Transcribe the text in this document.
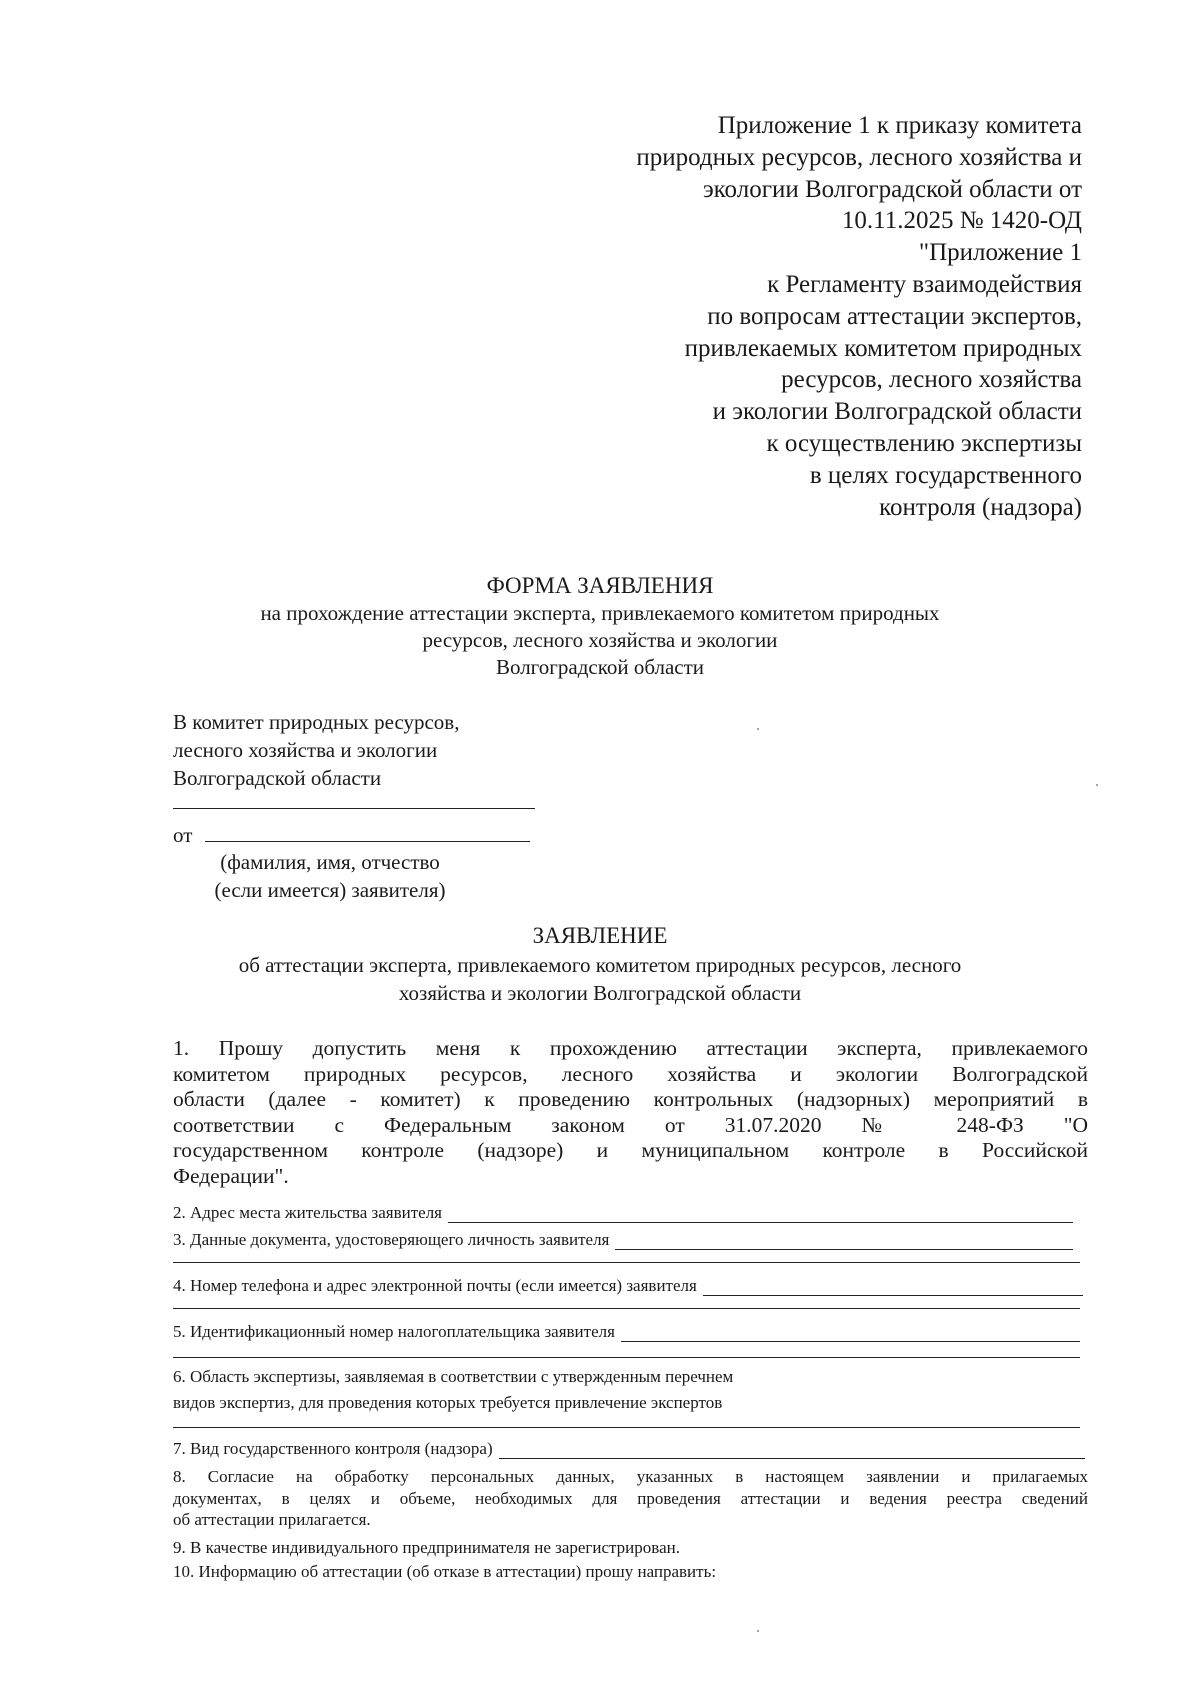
Приложение 1 к приказу комитета
природных ресурсов, лесного хозяйства и
экологии Волгоградской области от
10.11.2025 № 1420-ОД
"Приложение 1
к Регламенту взаимодействия
по вопросам аттестации экспертов,
привлекаемых комитетом природных
ресурсов, лесного хозяйства
и экологии Волгоградской области
к осуществлению экспертизы
в целях государственного
контроля (надзора)
ФОРМА ЗАЯВЛЕНИЯ
на прохождение аттестации эксперта, привлекаемого комитетом природных
ресурсов, лесного хозяйства и экологии
Волгоградской области
В комитет природных ресурсов,
лесного хозяйства и экологии
Волгоградской области
от
(фамилия, имя, отчество
(если имеется) заявителя)
ЗАЯВЛЕНИЕ
об аттестации эксперта, привлекаемого комитетом природных ресурсов, лесного
хозяйства и экологии Волгоградской области
1. Прошу допустить меня к прохождению аттестации эксперта, привлекаемого
комитетом природных ресурсов, лесного хозяйства и экологии Волгоградской
области (далее - комитет) к проведению контрольных (надзорных) мероприятий в
соответствии с Федеральным законом от 31.07.2020 № 248-ФЗ "О
государственном контроле (надзоре) и муниципальном контроле в Российской
Федерации".
2. Адрес места жительства заявителя
3. Данные документа, удостоверяющего личность заявителя
4. Номер телефона и адрес электронной почты (если имеется) заявителя
5. Идентификационный номер налогоплательщика заявителя
6. Область экспертизы, заявляемая в соответствии с утвержденным перечнем
видов экспертиз, для проведения которых требуется привлечение экспертов
7. Вид государственного контроля (надзора)
8. Согласие на обработку персональных данных, указанных в настоящем заявлении и прилагаемых
документах, в целях и объеме, необходимых для проведения аттестации и ведения реестра сведений
об аттестации прилагается.
9. В качестве индивидуального предпринимателя не зарегистрирован.
10. Информацию об аттестации (об отказе в аттестации) прошу направить:
